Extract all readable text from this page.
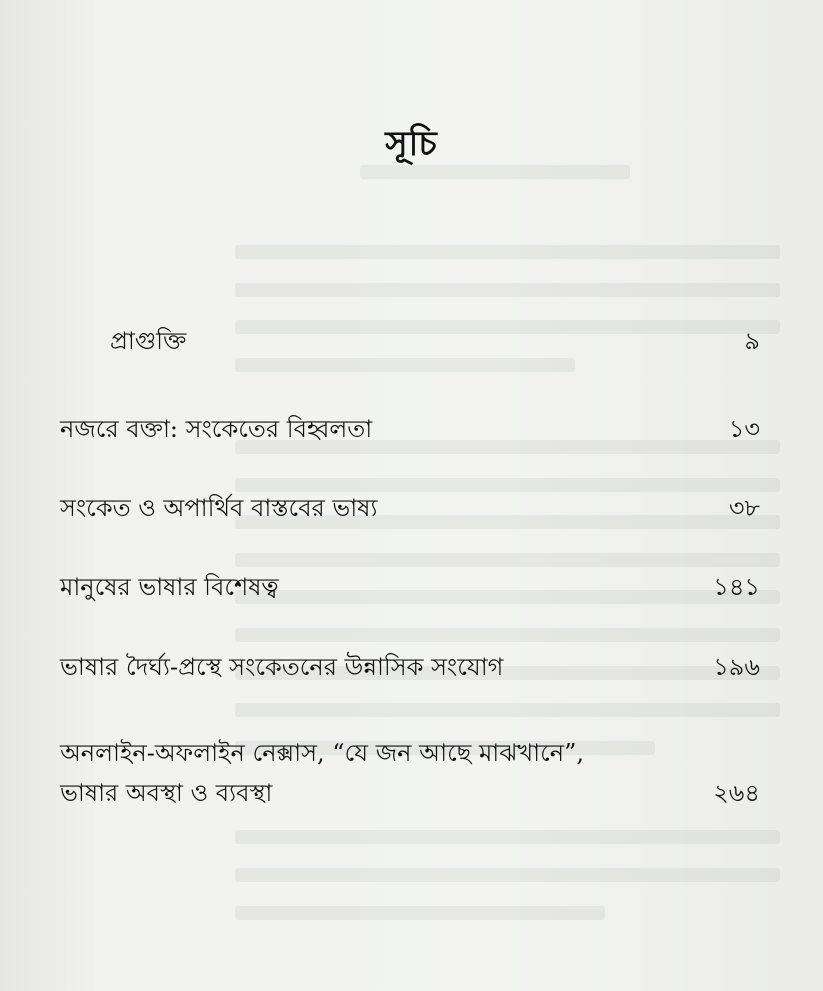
সূচি
প্রাগুক্তি	৯
নজরে বক্তা: সংকেতের বিহ্বলতা	১৩
সংকেত ও অপার্থিব বাস্তবের ভাষ্য	৩৮
মানুষের ভাষার বিশেষত্ব	১৪১
ভাষার দৈর্ঘ্য-প্রস্থে সংকেতনের উন্নাসিক সংযোগ	১৯৬
অনলাইন-অফলাইন নেক্সাস, “যে জন আছে মাঝখানে”,
ভাষার অবস্থা ও ব্যবস্থা	২৬৪
